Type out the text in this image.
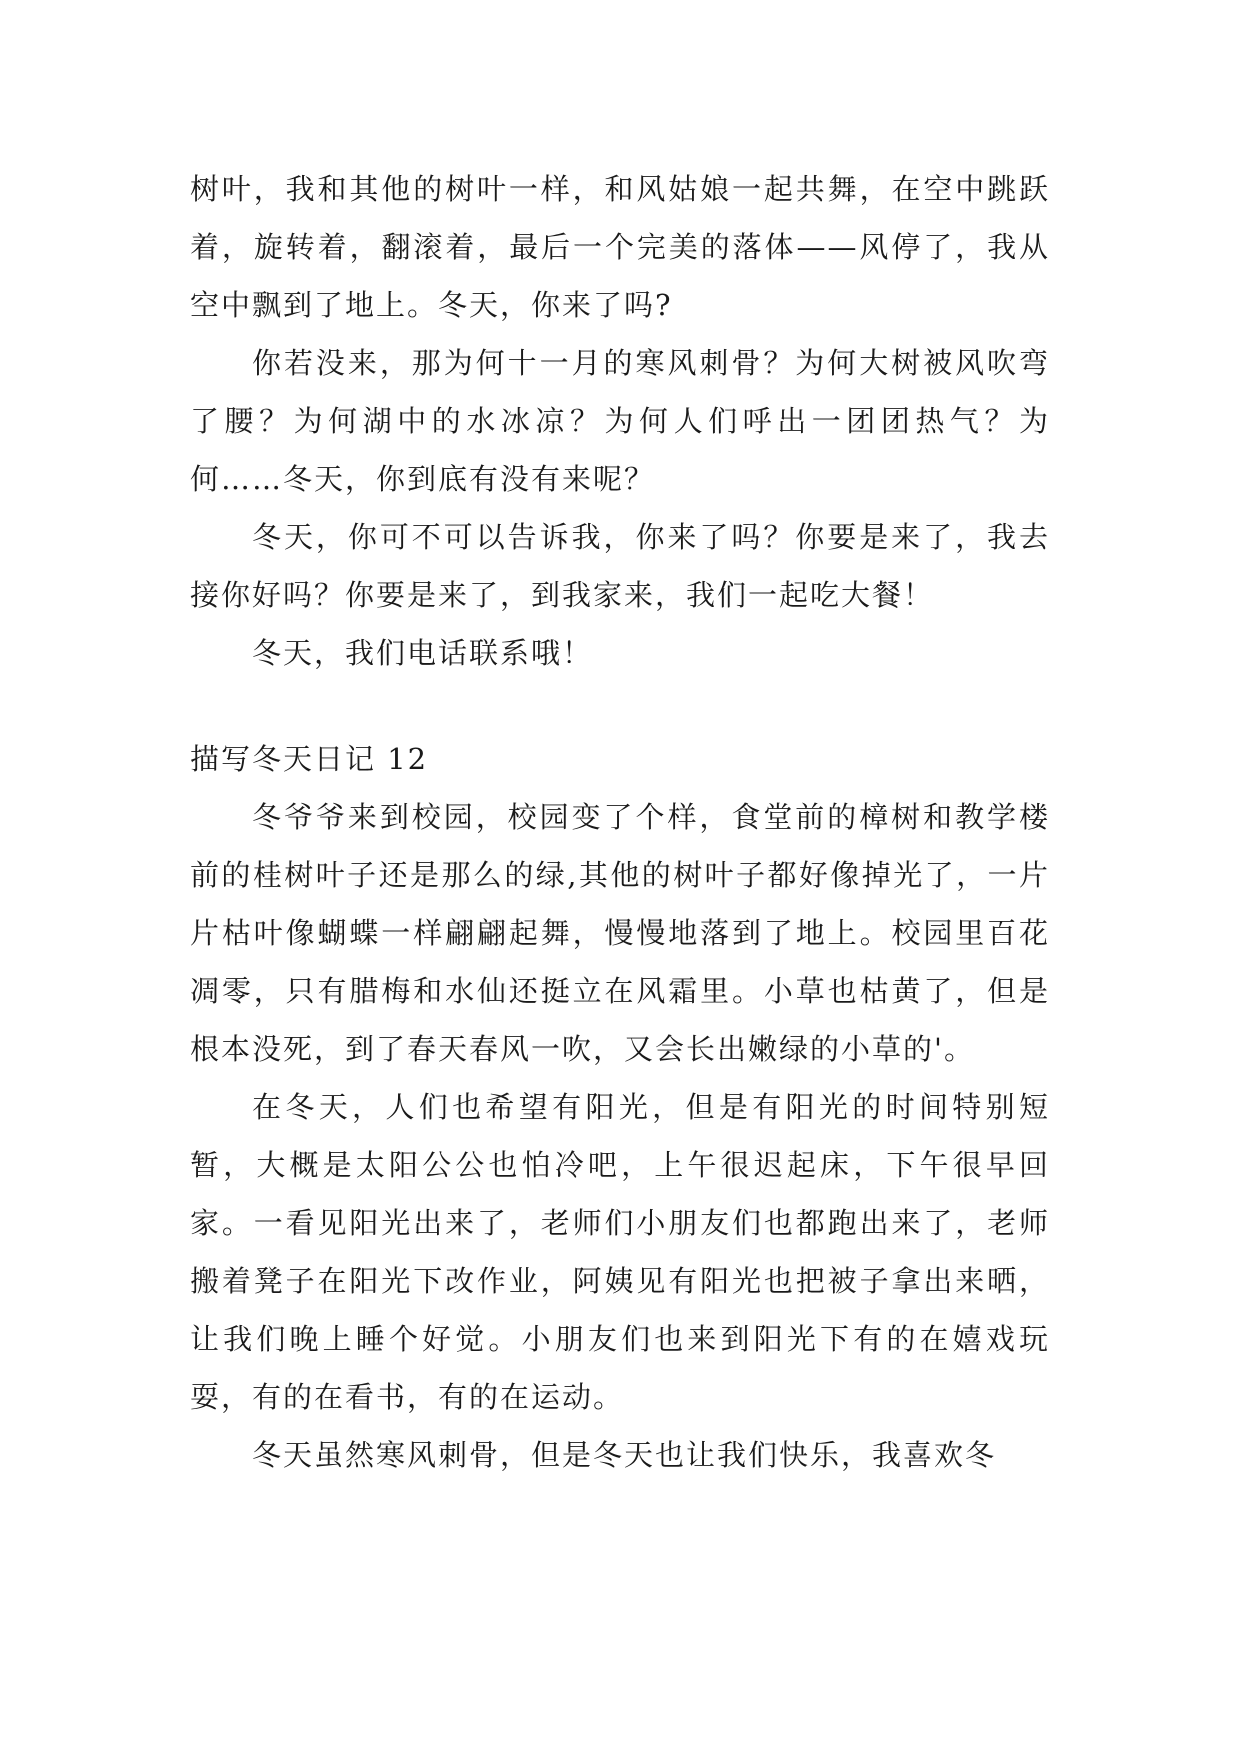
树叶，我和其他的树叶一样，和风姑娘一起共舞，在空中跳跃着，旋转着，翻滚着，最后一个完美的落体——风停了，我从空中飘到了地上。冬天，你来了吗?

你若没来，那为何十一月的寒风刺骨？为何大树被风吹弯了腰？为何湖中的水冰凉？为何人们呼出一团团热气？为何……冬天，你到底有没有来呢？

冬天，你可不可以告诉我，你来了吗？你要是来了，我去接你好吗？你要是来了，到我家来，我们一起吃大餐！

冬天，我们电话联系哦！

描写冬天日记 12

冬爷爷来到校园，校园变了个样，食堂前的樟树和教学楼前的桂树叶子还是那么的绿,其他的树叶子都好像掉光了，一片片枯叶像蝴蝶一样翩翩起舞，慢慢地落到了地上。校园里百花凋零，只有腊梅和水仙还挺立在风霜里。小草也枯黄了，但是根本没死，到了春天春风一吹，又会长出嫩绿的小草的'。

在冬天，人们也希望有阳光，但是有阳光的时间特别短暂，大概是太阳公公也怕冷吧，上午很迟起床，下午很早回家。一看见阳光出来了，老师们小朋友们也都跑出来了，老师搬着凳子在阳光下改作业，阿姨见有阳光也把被子拿出来晒，让我们晚上睡个好觉。小朋友们也来到阳光下有的在嬉戏玩耍，有的在看书，有的在运动。

冬天虽然寒风刺骨，但是冬天也让我们快乐，我喜欢冬
